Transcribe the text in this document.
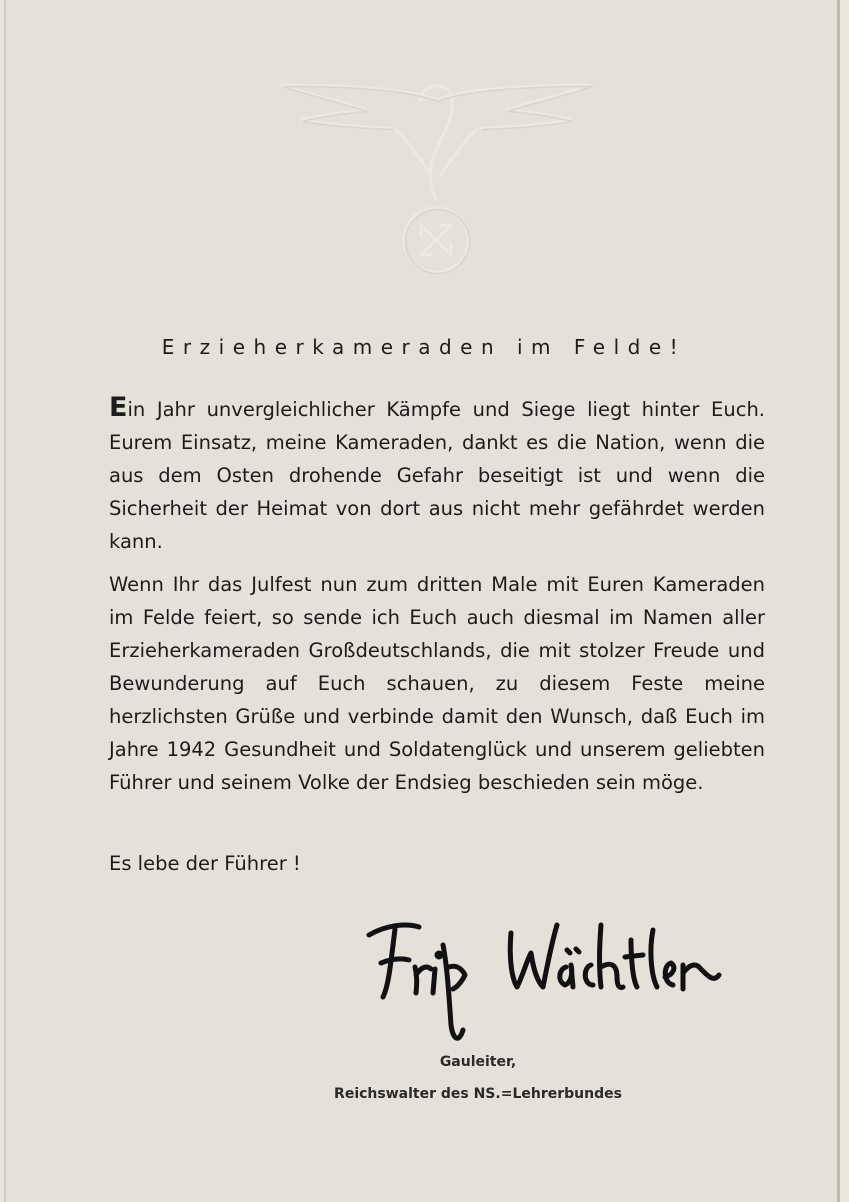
Erzieherkameraden im Felde!

Ein Jahr unvergleichlicher Kämpfe und Siege liegt hinter Euch. Eurem Einsatz, meine Kameraden, dankt es die Nation, wenn die aus dem Osten drohende Gefahr beseitigt ist und wenn die Sicherheit der Heimat von dort aus nicht mehr gefährdet werden kann.

Wenn Ihr das Julfest nun zum dritten Male mit Euren Kameraden im Felde feiert, so sende ich Euch auch diesmal im Namen aller Erzieherkameraden Großdeutschlands, die mit stolzer Freude und Bewunderung auf Euch schauen, zu diesem Feste meine herzlichsten Grüße und verbinde damit den Wunsch, daß Euch im Jahre 1942 Gesundheit und Soldatenglück und unserem geliebten Führer und seinem Volke der Endsieg beschieden sein möge.

Es lebe der Führer !
Gauleiter,
Reichswalter des NS.=Lehrerbundes
